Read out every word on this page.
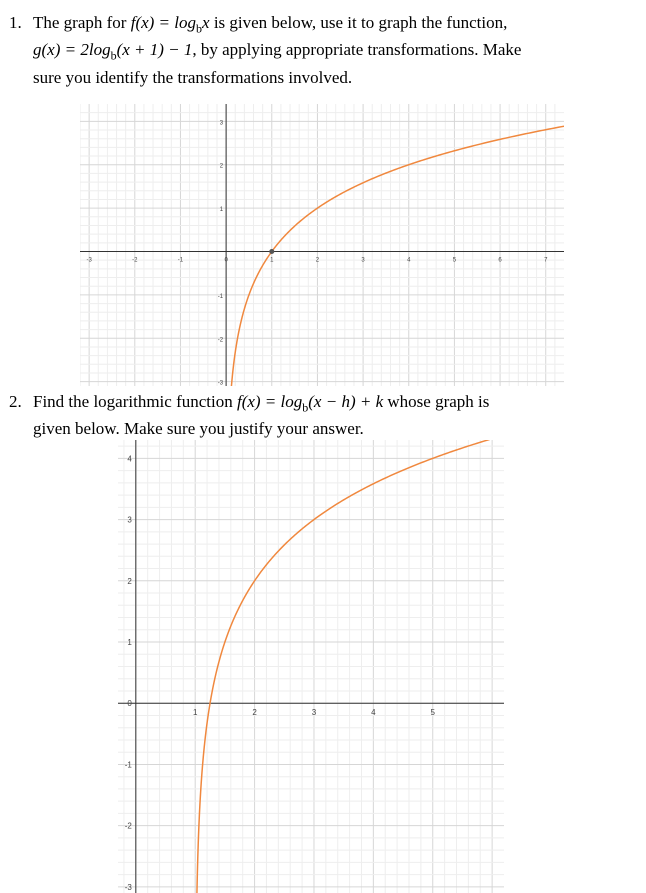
1. The graph for $f(x) = \log_bx$ is given below, use it to graph the function,
$g(x) = 2\log_b(x + 1) - 1$, by applying appropriate transformations. Make
sure you identify the transformations involved.
-3	-2	-1	0	1	2	3	4	5	6	7
3
2
1
-1
-2
-3
2. Find the logarithmic function $f(x) = \log_b(x - h) + k$ whose graph is
given below. Make sure you justify your answer.
1	2	3	4	5
4
3
2
1
0
-1
-2
-3
